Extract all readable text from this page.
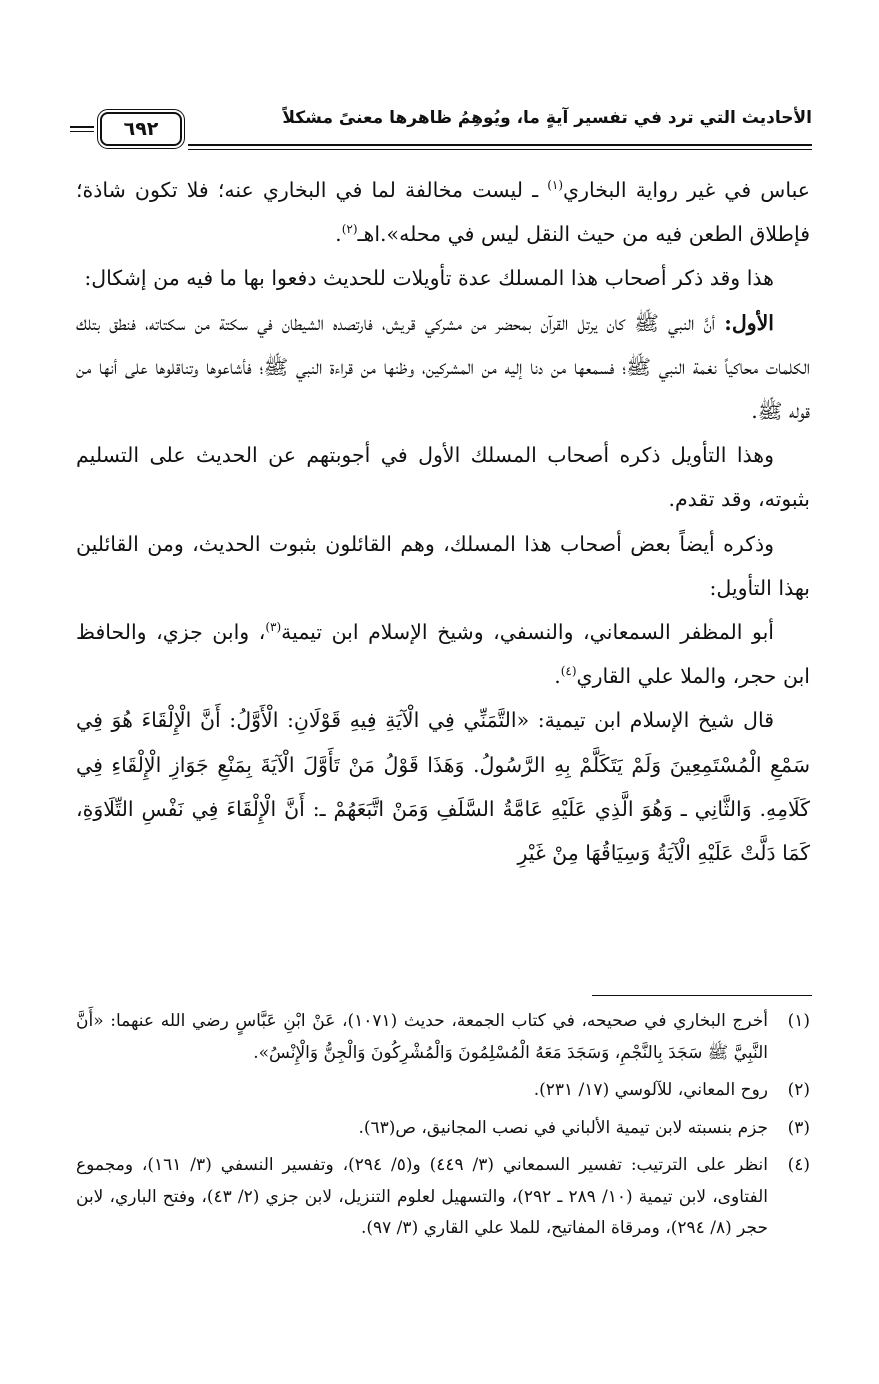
الأحاديث التي ترد في تفسير آيةٍ ما، ويُوهِمُ ظاهرها معنىً مشكلاً
٦٩٢

عباس في غير رواية البخاري$^{(١)}$ ـ ليست مخالفة لما في البخاري عنه؛ فلا تكون شاذة؛ فإطلاق الطعن فيه من حيث النقل ليس في محله».اهـ$^{(٢)}$.

هذا وقد ذكر أصحاب هذا المسلك عدة تأويلات للحديث دفعوا بها ما فيه من إشكال:

الأول: أنَّ النبي ﷺ كان يرتل القرآن بمحضر من مشركي قريش، فارتصده الشيطان في سكتة من سكتاته، فنطق بتلك الكلمات محاكياً نغمة النبي ﷺ؛ فسمعها من دنا إليه من المشركين، وظنها من قراءة النبي ﷺ؛ فأشاعوها وتناقلوها على أنها من قوله ﷺ.

وهذا التأويل ذكره أصحاب المسلك الأول في أجوبتهم عن الحديث على التسليم بثبوته، وقد تقدم.

وذكره أيضاً بعض أصحاب هذا المسلك، وهم القائلون بثبوت الحديث، ومن القائلين بهذا التأويل:

أبو المظفر السمعاني، والنسفي، وشيخ الإسلام ابن تيمية$^{(٣)}$، وابن جزي، والحافظ ابن حجر، والملا علي القاري$^{(٤)}$.

قال شيخ الإسلام ابن تيمية: «التَّمَنِّي فِي الْآيَةِ فِيهِ قَوْلَانِ: الْأَوَّلُ: أَنَّ الْإِلْقَاءَ هُوَ فِي سَمْعِ الْمُسْتَمِعِينَ وَلَمْ يَتَكَلَّمْ بِهِ الرَّسُولُ. وَهَذَا قَوْلُ مَنْ تَأَوَّلَ الْآيَةَ بِمَنْعِ جَوَازِ الْإِلْقَاءِ فِي كَلَامِهِ. وَالثَّانِي ـ وَهُوَ الَّذِي عَلَيْهِ عَامَّةُ السَّلَفِ وَمَنْ اتَّبَعَهُمْ ـ: أَنَّ الْإِلْقَاءَ فِي نَفْسِ التِّلَاوَةِ، كَمَا دَلَّتْ عَلَيْهِ الْآيَةُ وَسِيَاقُهَا مِنْ غَيْرِ

(١)
أخرج البخاري في صحيحه، في كتاب الجمعة، حديث (١٠٧١)، عَنْ ابْنِ عَبَّاسٍ رضي الله عنهما: «أَنَّ النَّبِيَّ ﷺ سَجَدَ بِالنَّجْمِ، وَسَجَدَ مَعَهُ الْمُسْلِمُونَ وَالْمُشْرِكُونَ وَالْجِنُّ وَالْإِنْسُ».
(٢)
روح المعاني، للآلوسي (١٧/ ٢٣١).
(٣)
جزم بنسبته لابن تيمية الألباني في نصب المجانيق، ص(٦٣).
(٤)
انظر على الترتيب: تفسير السمعاني (٣/ ٤٤٩) و(٥/ ٢٩٤)، وتفسير النسفي (٣/ ١٦١)، ومجموع الفتاوى، لابن تيمية (١٠/ ٢٨٩ ـ ٢٩٢)، والتسهيل لعلوم التنزيل، لابن جزي (٢/ ٤٣)، وفتح الباري، لابن حجر (٨/ ٢٩٤)، ومرقاة المفاتيح، للملا علي القاري (٣/ ٩٧).
